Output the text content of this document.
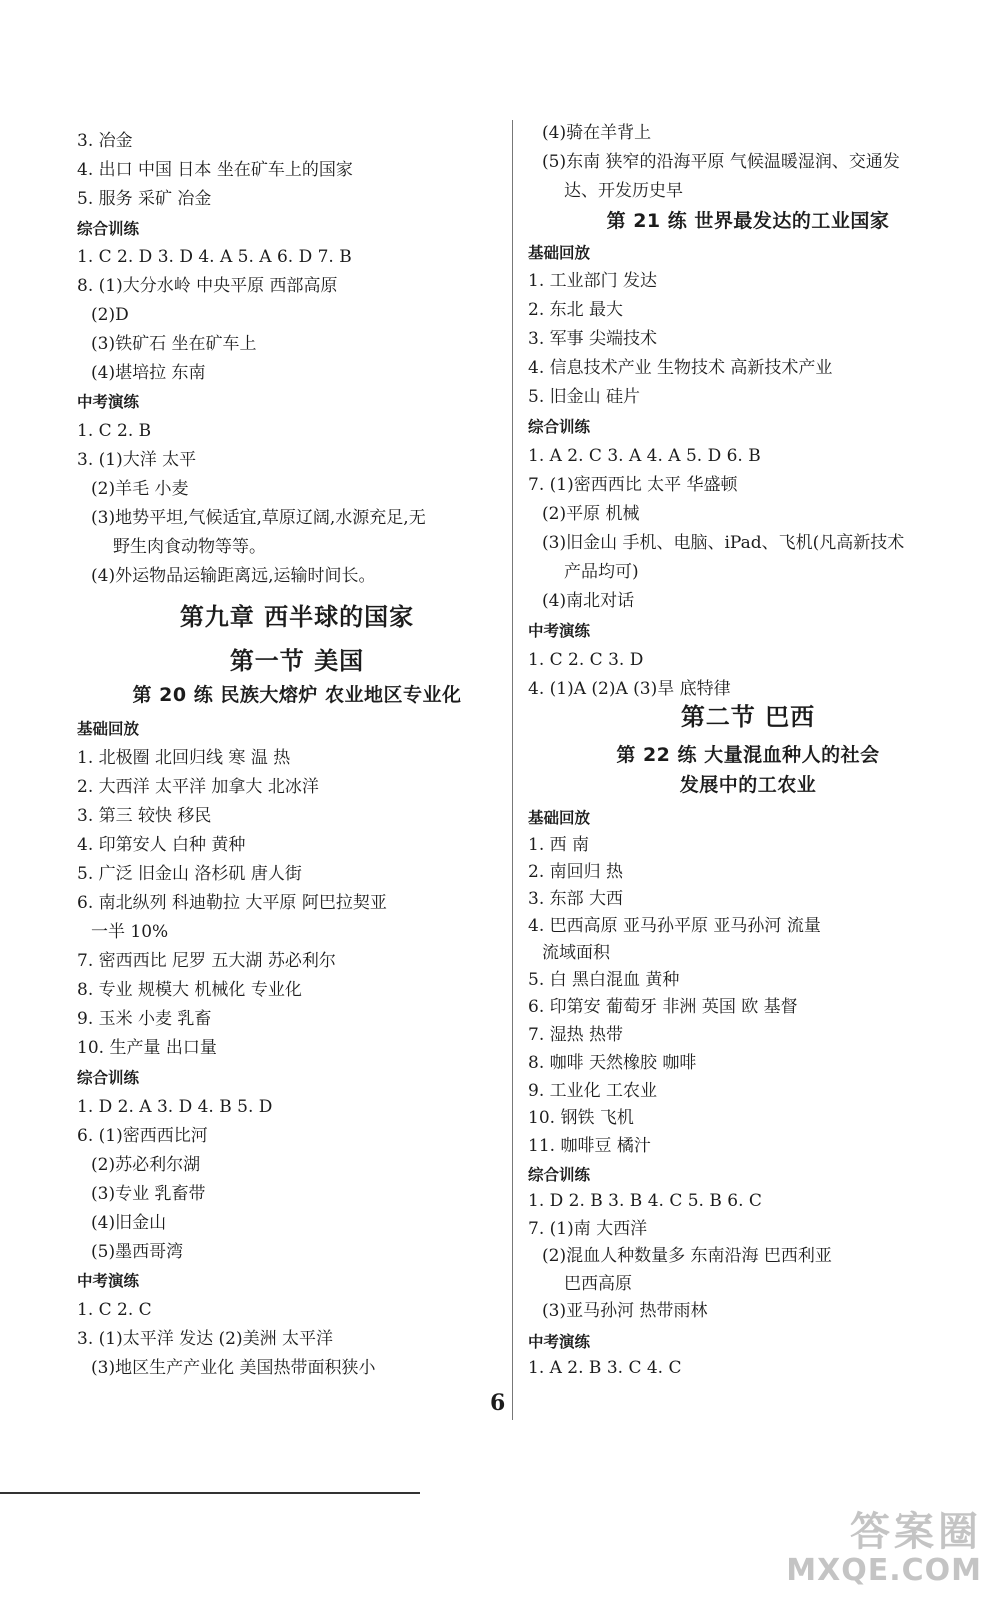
3. 冶金
4. 出口 中国 日本 坐在矿车上的国家
5. 服务 采矿 冶金
综合训练
1. C 2. D 3. D 4. A 5. A 6. D 7. B
8. (1)大分水岭 中央平原 西部高原
(2)D
(3)铁矿石 坐在矿车上
(4)堪培拉 东南
中考演练
1. C 2. B
3. (1)大洋 太平
(2)羊毛 小麦
(3)地势平坦,气候适宜,草原辽阔,水源充足,无
野生肉食动物等等。
(4)外运物品运输距离远,运输时间长。
第九章 西半球的国家
第一节 美国
第 20 练 民族大熔炉 农业地区专业化
基础回放
1. 北极圈 北回归线 寒 温 热
2. 大西洋 太平洋 加拿大 北冰洋
3. 第三 较快 移民
4. 印第安人 白种 黄种
5. 广泛 旧金山 洛杉矶 唐人街
6. 南北纵列 科迪勒拉 大平原 阿巴拉契亚
一半 10%
7. 密西西比 尼罗 五大湖 苏必利尔
8. 专业 规模大 机械化 专业化
9. 玉米 小麦 乳畜
10. 生产量 出口量
综合训练
1. D 2. A 3. D 4. B 5. D
6. (1)密西西比河
(2)苏必利尔湖
(3)专业 乳畜带
(4)旧金山
(5)墨西哥湾
中考演练
1. C 2. C
3. (1)太平洋 发达 (2)美洲 太平洋
(3)地区生产产业化 美国热带面积狭小
(4)骑在羊背上
(5)东南 狭窄的沿海平原 气候温暖湿润、交通发
达、开发历史早
第 21 练 世界最发达的工业国家
基础回放
1. 工业部门 发达
2. 东北 最大
3. 军事 尖端技术
4. 信息技术产业 生物技术 高新技术产业
5. 旧金山 硅片
综合训练
1. A 2. C 3. A 4. A 5. D 6. B
7. (1)密西西比 太平 华盛顿
(2)平原 机械
(3)旧金山 手机、电脑、iPad、飞机(凡高新技术
产品均可)
(4)南北对话
中考演练
1. C 2. C 3. D
4. (1)A (2)A (3)旱 底特律
第二节 巴西
第 22 练 大量混血种人的社会
发展中的工农业
基础回放
1. 西 南
2. 南回归 热
3. 东部 大西
4. 巴西高原 亚马孙平原 亚马孙河 流量
流域面积
5. 白 黑白混血 黄种
6. 印第安 葡萄牙 非洲 英国 欧 基督
7. 湿热 热带
8. 咖啡 天然橡胶 咖啡
9. 工业化 工农业
10. 钢铁 飞机
11. 咖啡豆 橘汁
综合训练
1. D 2. B 3. B 4. C 5. B 6. C
7. (1)南 大西洋
(2)混血人种数量多 东南沿海 巴西利亚
巴西高原
(3)亚马孙河 热带雨林
中考演练
1. A 2. B 3. C 4. C
6
答案圈
MXQE.COM
